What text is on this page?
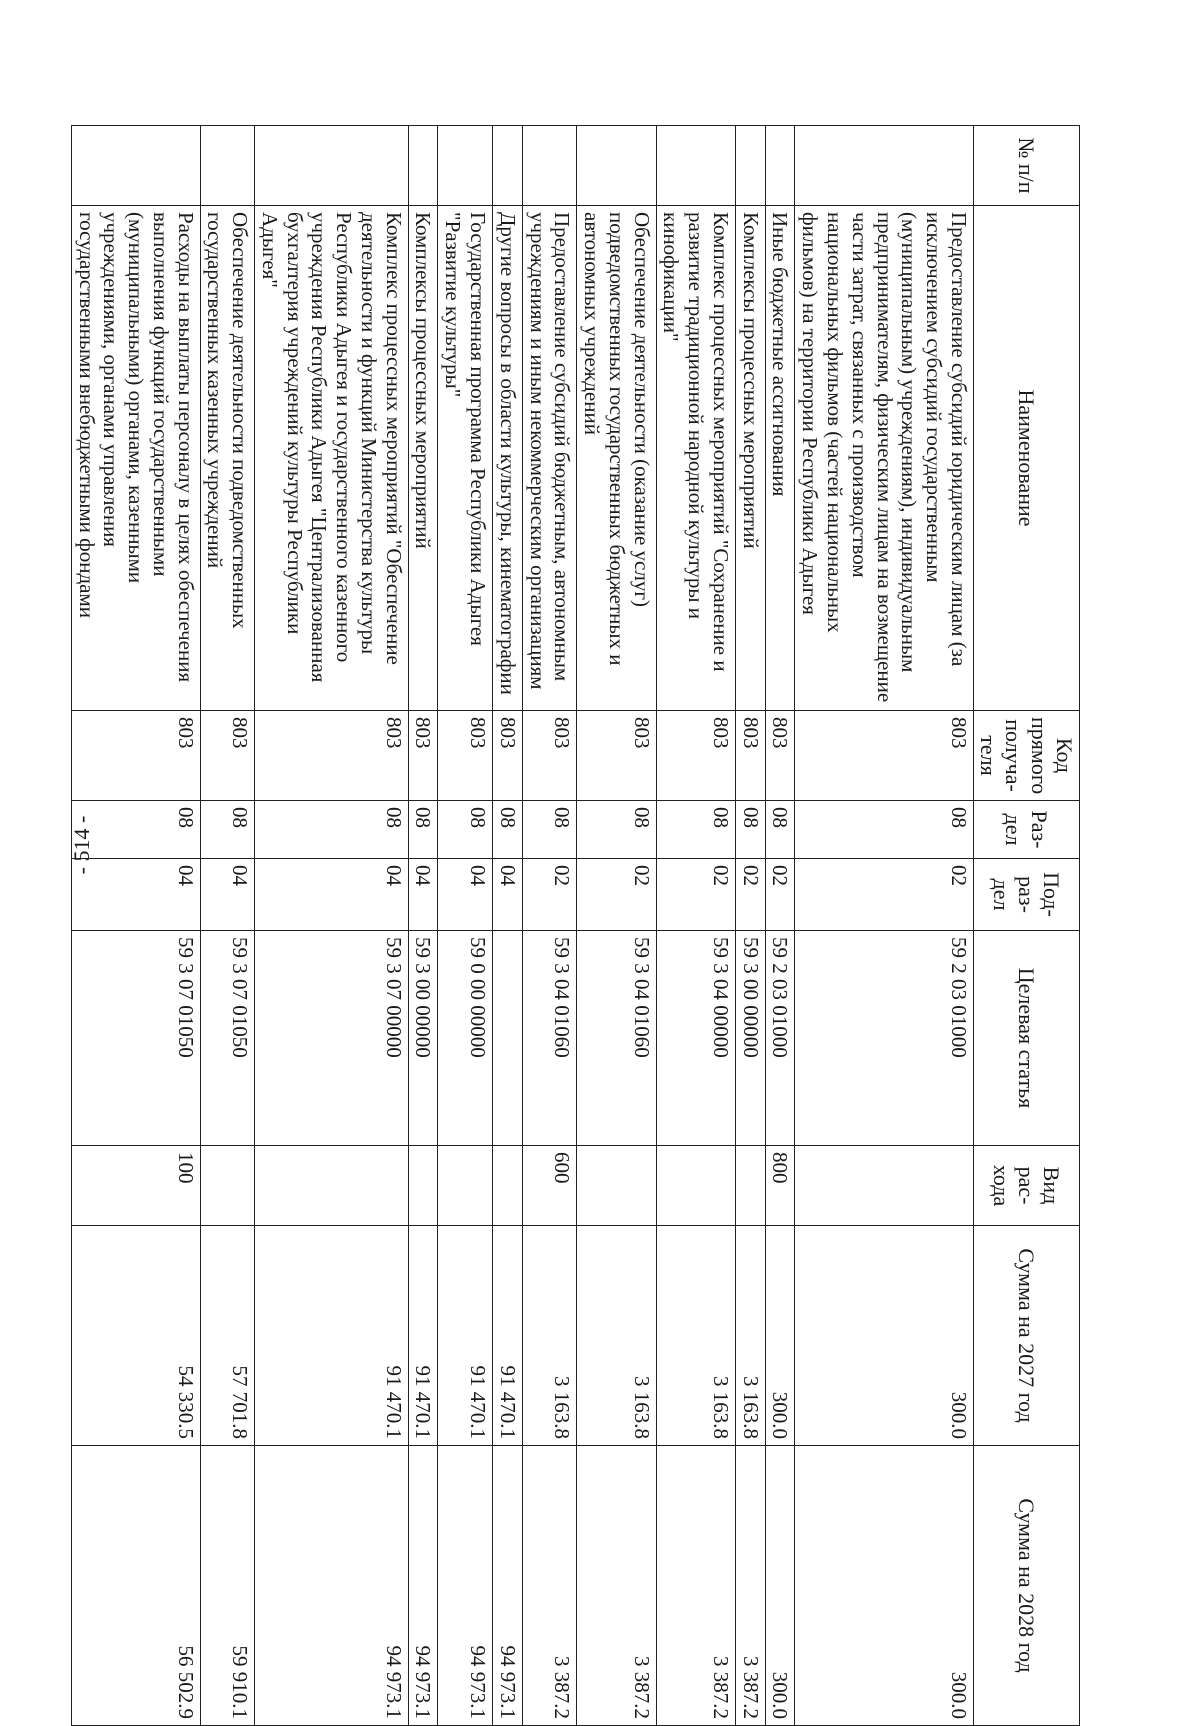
- 514 -
№ п/п	Наименование	Код прямого получа- теля	Раз- дел	Под- раз- дел	Целевая статья	Вид рас- хода	Сумма на 2027 год	Сумма на 2028 год
	Предоставление субсидий юридическим лицам (за исключением субсидий государственным (муниципальным) учреждениям), индивидуальным предпринимателям, физическим лицам на возмещение части затрат, связанных с производством национальных фильмов (частей национальных фильмов) на территории Республики Адыгея	803	08	02	59 2 03 01000		300.0	300.0
	Иные бюджетные ассигнования	803	08	02	59 2 03 01000	800	300.0	300.0
	Комплексы процессных мероприятий	803	08	02	59 3 00 00000		3 163.8	3 387.2
	Комплекс процессных мероприятий "Сохранение и развитие традиционной народной культуры и кинофикации"	803	08	02	59 3 04 00000		3 163.8	3 387.2
	Обеспечение деятельности (оказание услуг) подведомственных государственных бюджетных и автономных учреждений	803	08	02	59 3 04 01060		3 163.8	3 387.2
	Предоставление субсидий бюджетным, автономным учреждениям и иным некоммерческим организациям	803	08	02	59 3 04 01060	600	3 163.8	3 387.2
	Другие вопросы в области культуры, кинематографии	803	08	04			91 470.1	94 973.1
	Государственная программа Республики Адыгея "Развитие культуры"	803	08	04	59 0 00 00000		91 470.1	94 973.1
	Комплексы процессных мероприятий	803	08	04	59 3 00 00000		91 470.1	94 973.1
	Комплекс процессных мероприятий "Обеспечение деятельности и функций Министерства культуры Республики Адыгея и государственного казенного учреждения Республики Адыгея "Централизованная бухгалтерия учреждений культуры Республики Адыгея"	803	08	04	59 3 07 00000		91 470.1	94 973.1
	Обеспечение деятельности подведомственных государственных казенных учреждений	803	08	04	59 3 07 01050		57 701.8	59 910.1
	Расходы на выплаты персоналу в целях обеспечения выполнения функций государственными (муниципальными) органами, казенными учреждениями, органами управления государственными внебюджетными фондами	803	08	04	59 3 07 01050	100	54 330.5	56 502.9
